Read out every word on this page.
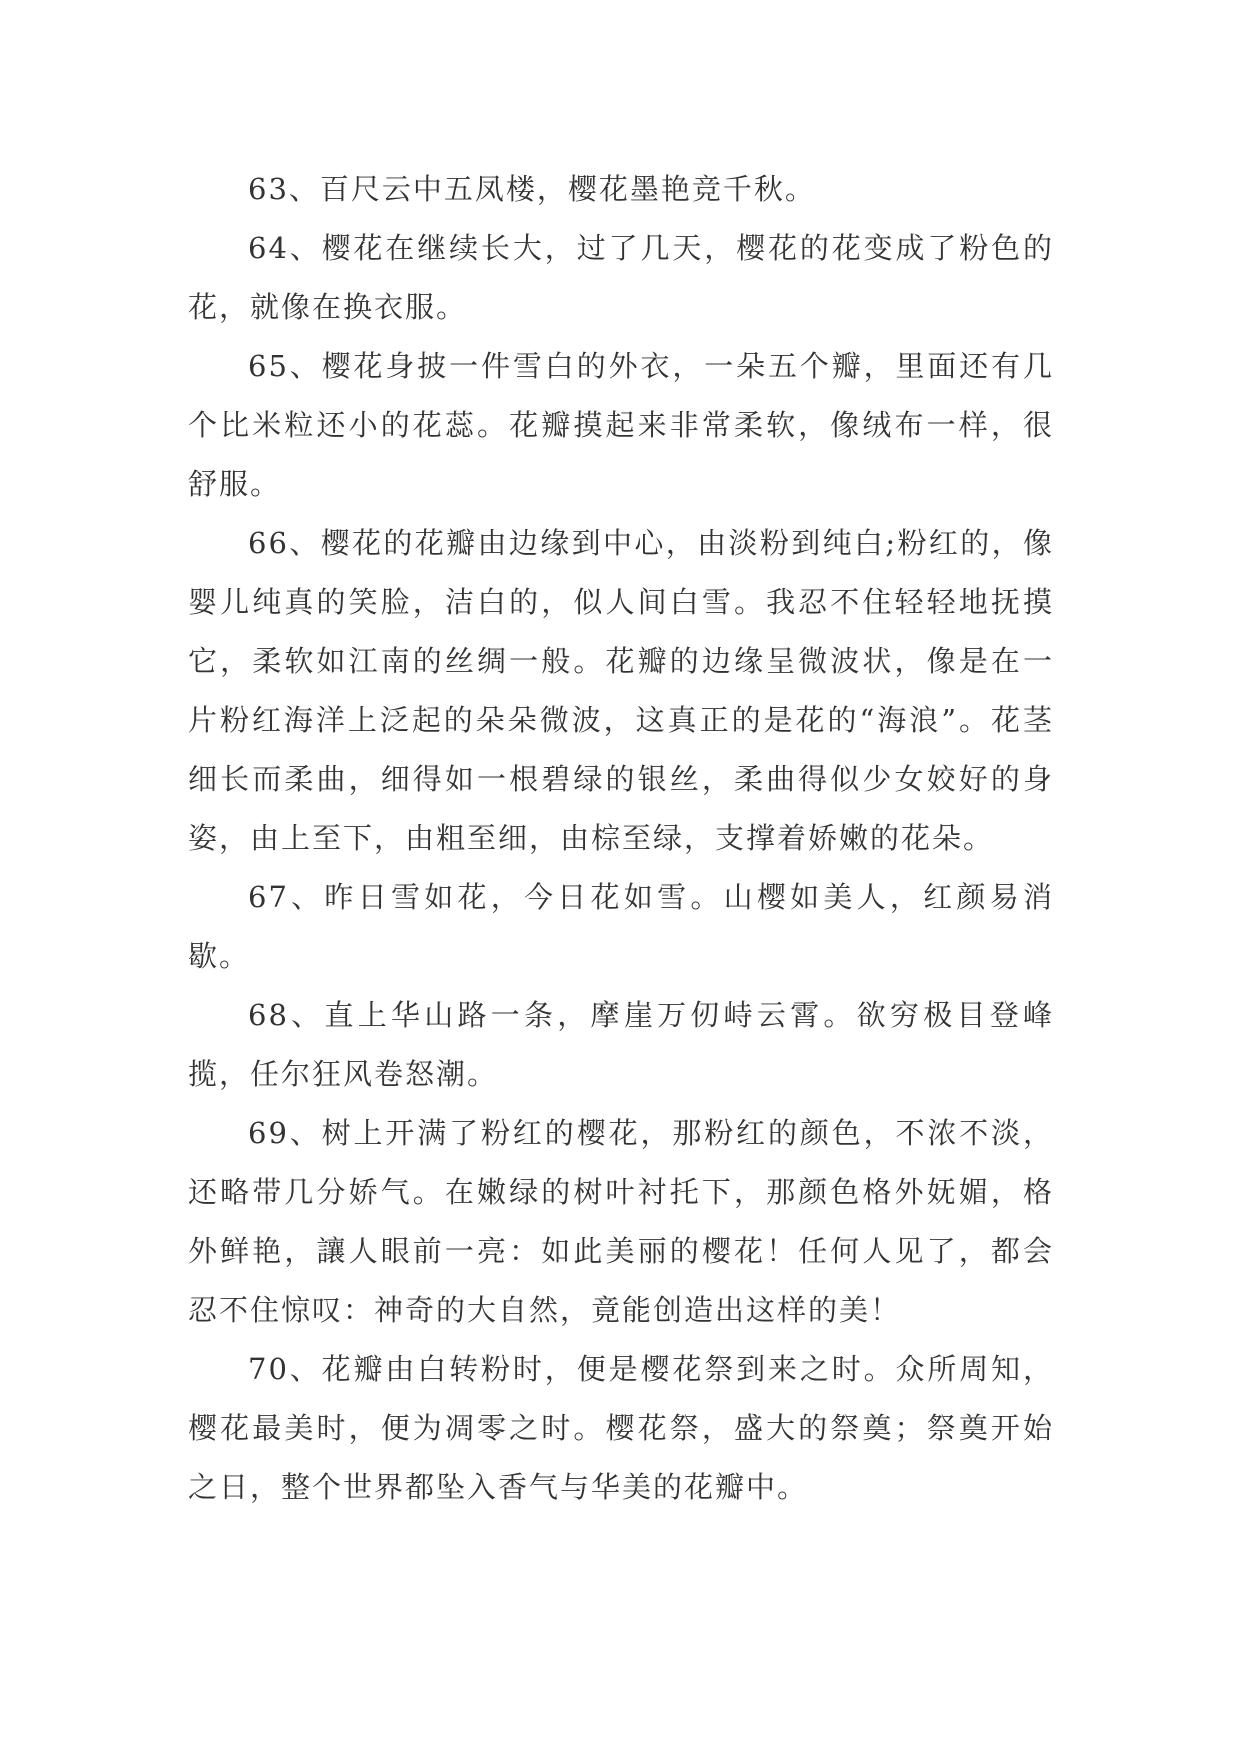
63、百尺云中五凤楼，樱花墨艳竞千秋。

64、樱花在继续长大，过了几天，樱花的花变成了粉色的花，就像在换衣服。

65、樱花身披一件雪白的外衣，一朵五个瓣，里面还有几个比米粒还小的花蕊。花瓣摸起来非常柔软，像绒布一样，很舒服。

66、樱花的花瓣由边缘到中心，由淡粉到纯白;粉红的，像婴儿纯真的笑脸，洁白的，似人间白雪。我忍不住轻轻地抚摸它，柔软如江南的丝绸一般。花瓣的边缘呈微波状，像是在一片粉红海洋上泛起的朵朵微波，这真正的是花的“海浪”。花茎细长而柔曲，细得如一根碧绿的银丝，柔曲得似少女姣好的身姿，由上至下，由粗至细，由棕至绿，支撑着娇嫩的花朵。

67、昨日雪如花，今日花如雪。山樱如美人，红颜易消歇。

68、直上华山路一条，摩崖万仞峙云霄。欲穷极目登峰揽，任尔狂风卷怒潮。

69、树上开满了粉红的樱花，那粉红的颜色，不浓不淡，还略带几分娇气。在嫩绿的树叶衬托下，那颜色格外妩媚，格外鲜艳，讓人眼前一亮：如此美丽的樱花！任何人见了，都会忍不住惊叹：神奇的大自然，竟能创造出这样的美！

70、花瓣由白转粉时，便是樱花祭到来之时。众所周知，樱花最美时，便为凋零之时。樱花祭，盛大的祭奠；祭奠开始之日，整个世界都坠入香气与华美的花瓣中。
